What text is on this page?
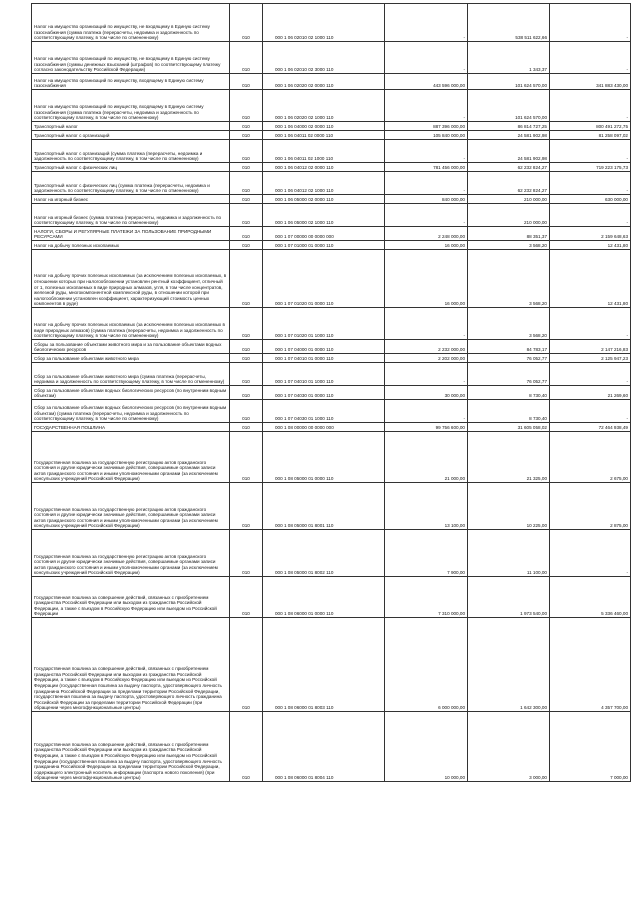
Налог на имущество организаций по имуществу, не входящему в Единую систему газоснабжения (сумма платежа (перерасчеты, недоимка и задолженность по соответствующему платежу, в том числе по отмененному)	010	000 1 06 02010 02 1000 110	-	538 511 622,66	-
Налог на имущество организаций по имуществу, не входящему в Единую систему газоснабжения (суммы денежных взысканий (штрафов) по соответствующему платежу согласно законодательству Российской Федерации)	010	000 1 06 02010 02 3000 110	-	1 343,37	-
Налог на имущество организаций по имуществу, входящему в Единую систему газоснабжения	010	000 1 06 02020 02 0000 110	443 596 000,00	101 624 570,00	341 883 430,00
Налог на имущество организаций по имуществу, входящему в Единую систему газоснабжения (сумма платежа (перерасчеты, недоимка и задолженность по соответствующему платежу, в том числе по отмененному)	010	000 1 06 02020 02 1000 110	-	101 624 570,00	-
Транспортный налог	010	000 1 06 04000 02 0000 110	887 396 000,00	86 814 727,25	800 491 272,75
Транспортный налог с организаций	010	000 1 06 04011 02 0000 110	105 840 000,00	24 581 902,98	81 258 097,02
Транспортный налог с организаций (сумма платежа (перерасчеты, недоимка и задолженность по соответствующему платежу, в том числе по отмененному)	010	000 1 06 04011 02 1000 110	-	24 581 902,98	-
Транспортный налог с физических лиц	010	000 1 06 04012 02 0000 110	781 456 000,00	62 232 824,27	719 223 175,73
Транспортный налог с физических лиц (сумма платежа (перерасчеты, недоимка и задолженность по соответствующему платежу, в том числе по отмененному)	010	000 1 06 04012 02 1000 110	-	62 232 824,27	-
Налог на игорный бизнес	010	000 1 06 05000 02 0000 110	840 000,00	210 000,00	630 000,00
Налог на игорный бизнес (сумма платежа (перерасчеты, недоимка и задолженность по соответствующему платежу, в том числе по отмененному)	010	000 1 06 05000 02 1000 110	-	210 000,00	-
НАЛОГИ, СБОРЫ И РЕГУЛЯРНЫЕ ПЛАТЕЖИ ЗА ПОЛЬЗОВАНИЕ ПРИРОДНЫМИ РЕСУРСАМИ	010	000 1 07 00000 00 0000 000	2 248 000,00	88 351,37	2 159 648,63
Налог на добычу полезных ископаемых	010	000 1 07 01000 01 0000 110	16 000,00	3 568,20	12 431,80
Налог на добычу прочих полезных ископаемых (за исключением полезных ископаемых, в отношении которых при налогообложении установлен рентный коэффициент, отличный от 1, полезных ископаемых в виде природных алмазов, угля, в том числе концентратов, железной руды, многокомпонентной комплексной руды, в отношении которой при налогообложении установлен коэффициент, характеризующий стоимость ценных компонентов в руде)	010	000 1 07 01020 01 0000 110	16 000,00	3 568,20	12 431,80
Налог на добычу прочих полезных ископаемых (за исключением полезных ископаемых в виде природных алмазов) (сумма платежа (перерасчеты, недоимка и задолженность по соответствующему платежу, в том числе по отмененному)	010	000 1 07 01020 01 1000 110	-	3 568,20	-
Сборы за пользование объектами животного мира и за пользование объектами водных биологических ресурсов	010	000 1 07 04000 01 0000 110	2 232 000,00	84 783,17	2 147 216,83
Сбор за пользование объектами животного мира	010	000 1 07 04010 01 0000 110	2 202 000,00	76 052,77	2 125 947,23
Сбор за пользование объектами животного мира (сумма платежа (перерасчеты, недоимка и задолженность по соответствующему платежу, в том числе по отмененному)	010	000 1 07 04010 01 1000 110	-	76 052,77	-
Сбор за пользование объектами водных биологических ресурсов (по внутренним водным объектам)	010	000 1 07 04030 01 0000 110	30 000,00	8 730,40	21 269,60
Сбор за пользование объектами водных биологических ресурсов (по внутренним водным объектам) (сумма платежа (перерасчеты, недоимка и задолженность по соответствующему платежу, в том числе по отмененному)	010	000 1 07 04030 01 1000 110	-	8 730,40	-
ГОСУДАРСТВЕННАЯ ПОШЛИНА	010	000 1 08 00000 00 0000 000	99 756 600,00	31 605 058,02	72 464 938,49
Государственная пошлина за государственную регистрацию актов гражданского состояния и другие юридически значимые действия, совершаемые органами записи актов гражданского состояния и иными уполномоченными органами (за исключением консульских учреждений Российской Федерации)	010	000 1 08 05000 01 0000 110	21 000,00	21 325,00	2 675,00
Государственная пошлина за государственную регистрацию актов гражданского состояния и другие юридически значимые действия, совершаемые органами записи актов гражданского состояния и иными уполномоченными органами (за исключением консульских учреждений Российской Федерации)	010	000 1 08 05000 01 8001 110	13 100,00	10 225,00	2 875,00
Государственная пошлина за государственную регистрацию актов гражданского состояния и другие юридически значимые действия, совершаемые органами записи актов гражданского состояния и иными уполномоченными органами (за исключением консульских учреждений Российской Федерации)	010	000 1 08 05000 01 8002 110	7 900,00	11 100,00	-
Государственная пошлина за совершение действий, связанных с приобретением гражданства Российской Федерации или выходом из гражданства Российской Федерации, а также с въездом в Российскую Федерацию или выездом из Российской Федерации	010	000 1 08 06000 01 0000 110	7 310 000,00	1 973 540,00	5 336 460,00
Государственная пошлина за совершение действий, связанных с приобретением гражданства Российской Федерации или выходом из гражданства Российской Федерации, а также с въездом в Российскую Федерацию или выездом из Российской Федерации (государственная пошлина за выдачу паспорта, удостоверяющего личность гражданина Российской Федерации за пределами территории Российской Федерации, государственная пошлина за выдачу паспорта, удостоверяющего личность гражданина Российской Федерации за пределами территории Российской Федерации (при обращении через многофункциональные центры)	010	000 1 08 06000 01 8003 110	6 000 000,00	1 642 300,00	4 357 700,00
Государственная пошлина за совершение действий, связанных с приобретением гражданства Российской Федерации или выходом из гражданства Российской Федерации, а также с въездом в Российскую Федерацию или выездом из Российской Федерации (государственная пошлина за выдачу паспорта, удостоверяющего личность гражданина Российской Федерации за пределами территории Российской Федерации, содержащего электронный носитель информации (паспорта нового поколения) (при обращении через многофункциональные центры)	010	000 1 08 06000 01 8004 110	10 000,00	3 000,00	7 000,00
